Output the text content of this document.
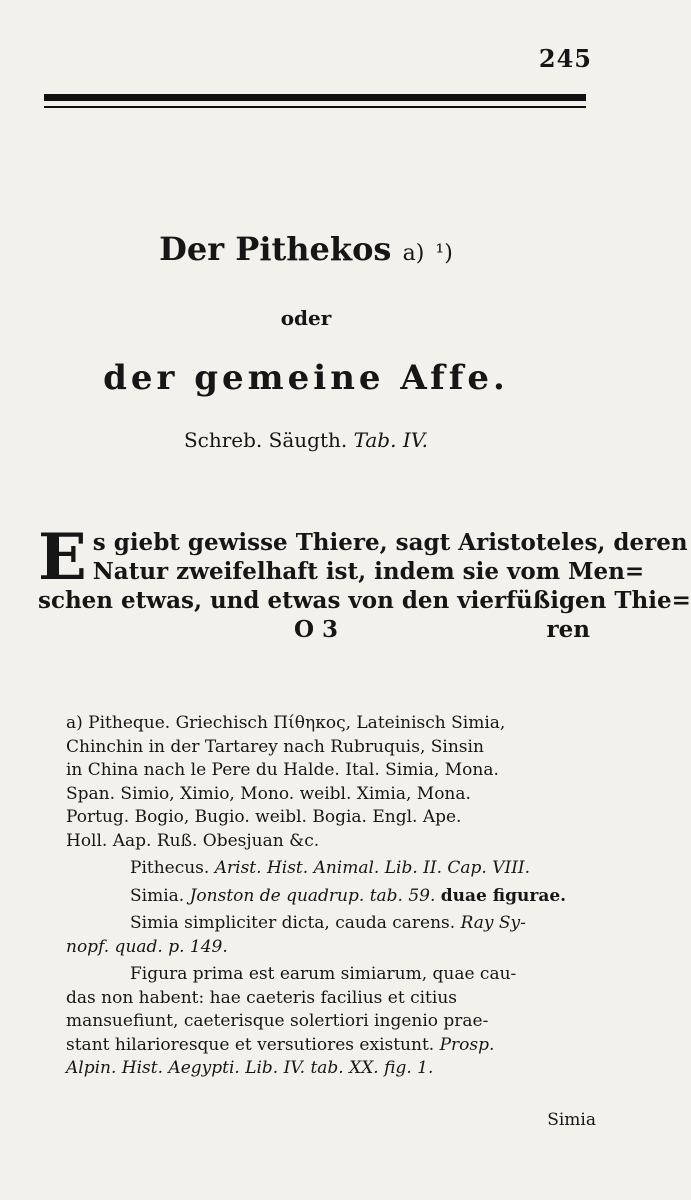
245
Der Pithekos a) ¹)
oder
der gemeine Affe.
Schreb. Säugth. Tab. IV.
E s giebt gewisse Thiere, sagt Aristoteles, deren
Natur zweifelhaft ist, indem sie vom Men=
schen etwas, und etwas von den vierfüßigen Thie=
O 3	ren
a) Pitheque. Griechisch Πίθηκος, Lateinisch Simia,
Chinchin in der Tartarey nach Rubruquis, Sinsin
in China nach le Pere du Halde. Ital. Simia, Mona.
Span. Simio, Ximio, Mono. weibl. Ximia, Mona.
Portug. Bogio, Bugio. weibl. Bogia. Engl. Ape.
Holl. Aap. Ruß. Obesjuan &c.
Pithecus. Arist. Hist. Animal. Lib. II. Cap. VIII.
Simia. Jonston de quadrup. tab. 59. duae figurae.
Simia simpliciter dicta, cauda carens. Ray Sy-
nopf. quad. p. 149.
Figura prima est earum simiarum, quae cau-
das non habent: hae caeteris facilius et citius
mansuefiunt, caeterisque solertiori ingenio prae-
stant hilarioresque et versutiores existunt. Prosp.
Alpin. Hist. Aegypti. Lib. IV. tab. XX. fig. 1.
Simia
